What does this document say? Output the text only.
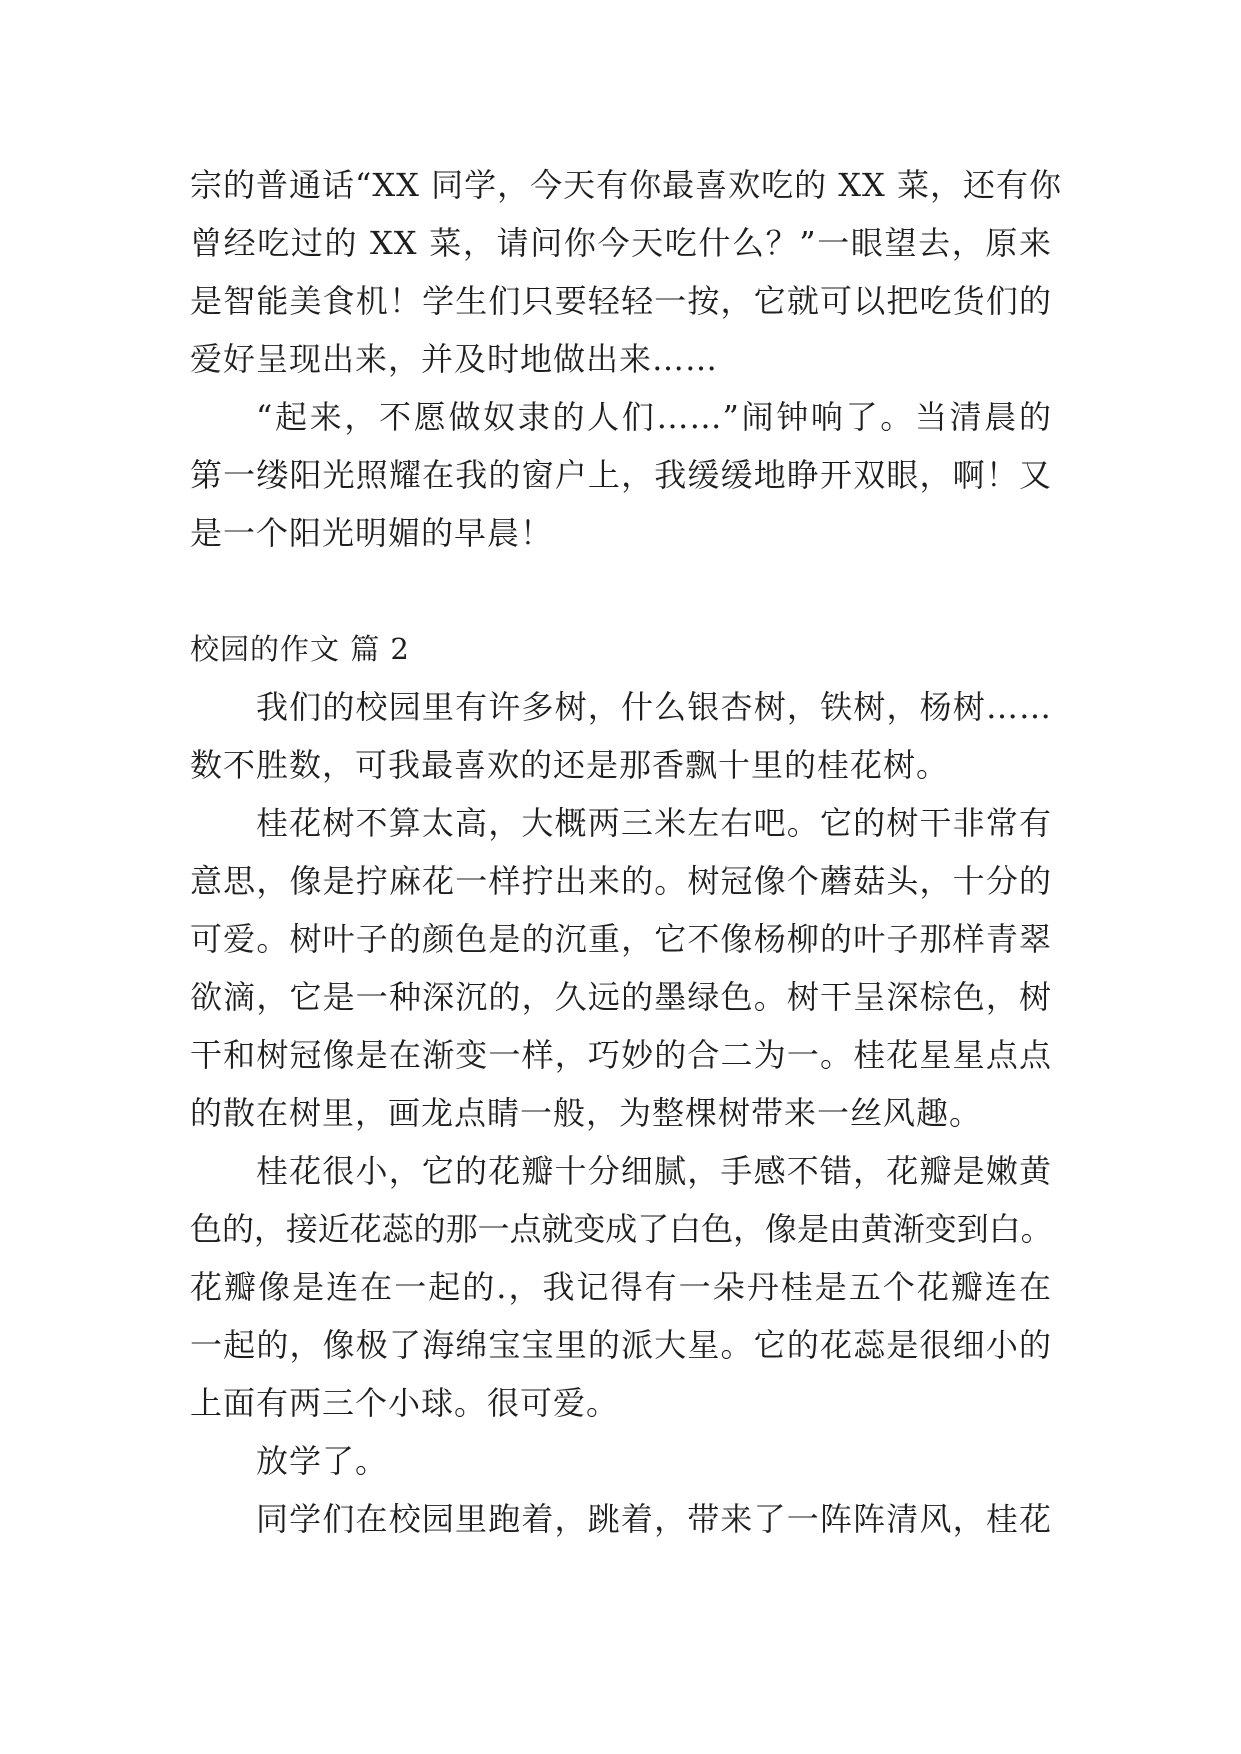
宗的普通话“XX 同学，今天有你最喜欢吃的 XX 菜，还有你
曾经吃过的 XX 菜，请问你今天吃什么？”一眼望去，原来
是智能美食机！学生们只要轻轻一按，它就可以把吃货们的
爱好呈现出来，并及时地做出来……
“起来，不愿做奴隶的人们……”闹钟响了。当清晨的
第一缕阳光照耀在我的窗户上，我缓缓地睁开双眼，啊！又
是一个阳光明媚的早晨！
校园的作文 篇 2
我们的校园里有许多树，什么银杏树，铁树，杨树……
数不胜数，可我最喜欢的还是那香飘十里的桂花树。
桂花树不算太高，大概两三米左右吧。它的树干非常有
意思，像是拧麻花一样拧出来的。树冠像个蘑菇头，十分的
可爱。树叶子的颜色是的沉重，它不像杨柳的叶子那样青翠
欲滴，它是一种深沉的，久远的墨绿色。树干呈深棕色，树
干和树冠像是在渐变一样，巧妙的合二为一。桂花星星点点
的散在树里，画龙点睛一般，为整棵树带来一丝风趣。
桂花很小，它的花瓣十分细腻，手感不错，花瓣是嫩黄
色的，接近花蕊的那一点就变成了白色，像是由黄渐变到白。
花瓣像是连在一起的.，我记得有一朵丹桂是五个花瓣连在
一起的，像极了海绵宝宝里的派大星。它的花蕊是很细小的
上面有两三个小球。很可爱。
放学了。
同学们在校园里跑着，跳着，带来了一阵阵清风，桂花
